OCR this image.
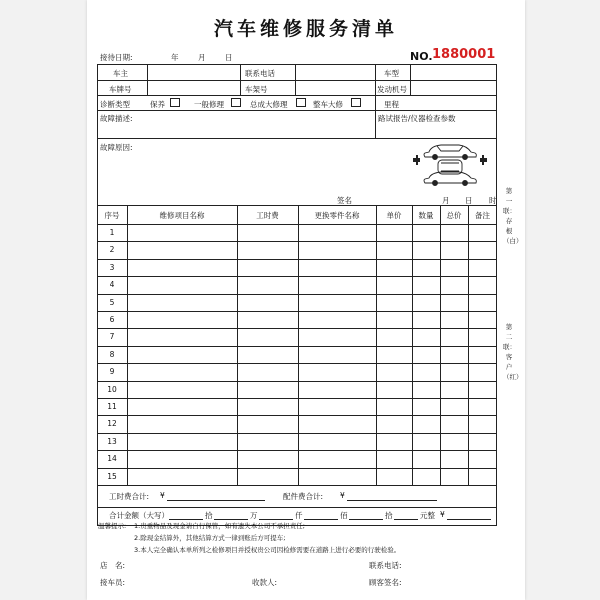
汽车维修服务清单
接待日期:	年	月	日	NO. 1880001
车主	联系电话	车型
车牌号	车架号	发动机号
诊断类型	保养	一般修理	总成大修理	整车大修	里程
故障描述:	路试报告/仪器检查参数
故障原因:
签名	月 日 时
序号	维修项目名称	工时费	更换零件名称	单价	数量	总价	备注
1
2
3
4
5
6
7
8
9
10
11
12
13
14
15
工时费合计: ¥	配件费合计: ¥
合计金额（大写）	拾	万	仟	佰	拾	元整 ¥
温馨提示: 1.贵重物品及现金请自行保管，如有遗失本公司不承担责任;
2.除现金结算外，其他结算方式一律到账后方可提车;
3.本人完全确认本单所列之检修项目并授权贵公司因检修需要在道路上进行必要的行驶检验。
店　名:	联系电话:
接车员:	收款人:	顾客签名:
第一联：存根（白）
第二联：客户（红）
